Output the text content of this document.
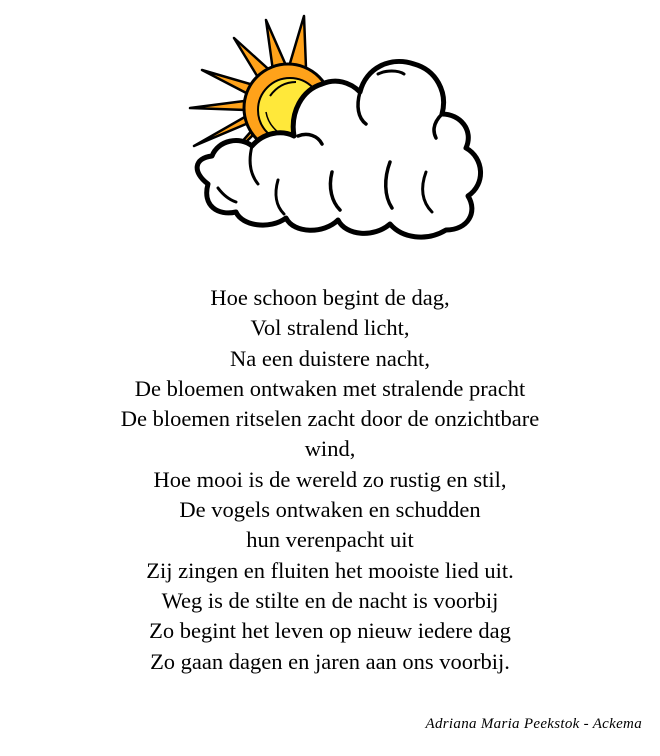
Hoe schoon begint de dag,
Vol stralend licht,
Na een duistere nacht,
De bloemen ontwaken met stralende pracht
De bloemen ritselen zacht door de onzichtbare
wind,
Hoe mooi is de wereld zo rustig en stil,
De vogels ontwaken en schudden
hun verenpacht uit
Zij zingen en fluiten het mooiste lied uit.
Weg is de stilte en de nacht is voorbij
Zo begint het leven op nieuw iedere dag
Zo gaan dagen en jaren aan ons voorbij.
Adriana Maria Peekstok - Ackema
